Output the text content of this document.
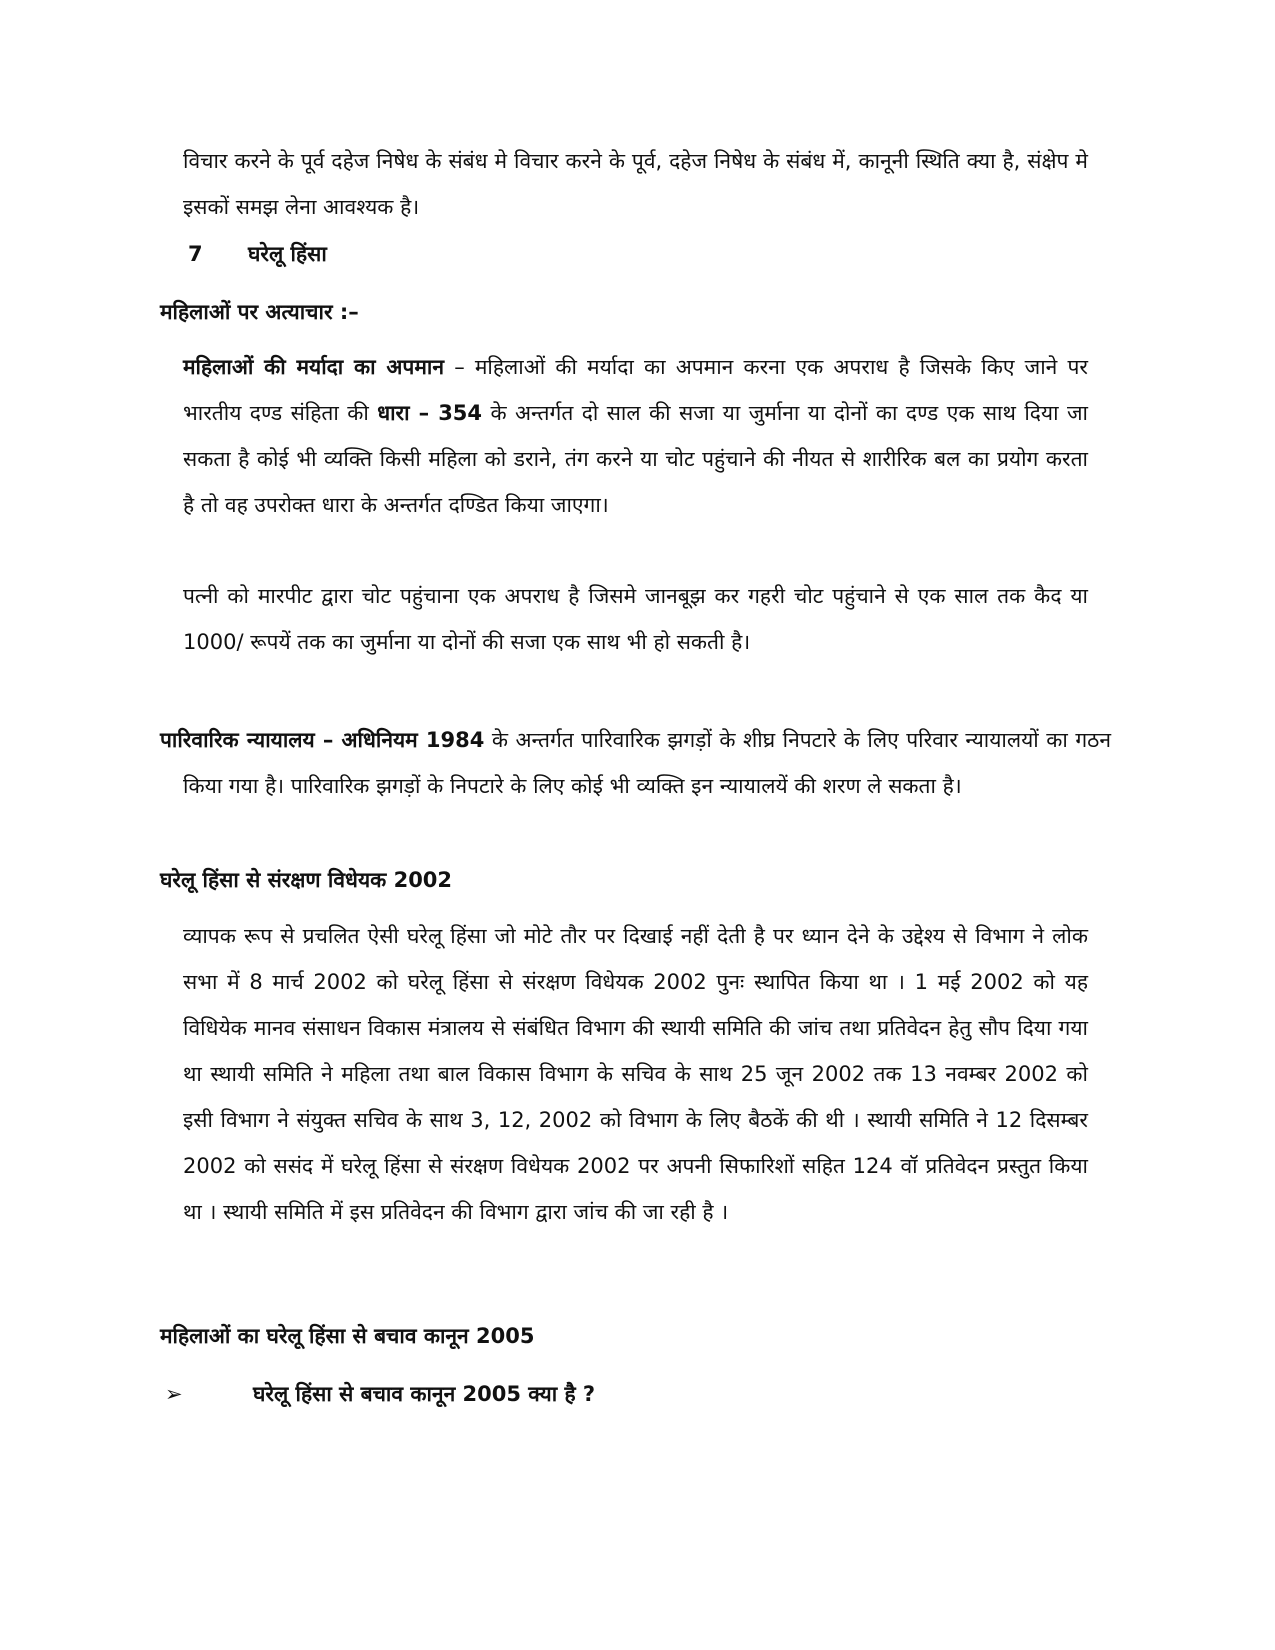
विचार करने के पूर्व दहेज निषेध के संबंध मे विचार करने के पूर्व, दहेज निषेध के संबंध में, कानूनी स्थिति क्या है, संक्षेप मे इसकों समझ लेना आवश्यक है।

7 घरेलू हिंसा

महिलाओं पर अत्याचार :–

महिलाओं की मर्यादा का अपमान – महिलाओं की मर्यादा का अपमान करना एक अपराध है जिसके किए जाने पर भारतीय दण्ड संहिता की धारा – 354 के अन्तर्गत दो साल की सजा या जुर्माना या दोनों का दण्ड एक साथ दिया जा सकता है कोई भी व्यक्ति किसी महिला को डराने, तंग करने या चोट पहुंचाने की नीयत से शारीरिक बल का प्रयोग करता है तो वह उपरोक्त धारा के अन्तर्गत दण्डित किया जाएगा।

पत्नी को मारपीट द्वारा चोट पहुंचाना एक अपराध है जिसमे जानबूझ कर गहरी चोट पहुंचाने से एक साल तक कैद या 1000/ रूपयें तक का जुर्माना या दोनों की सजा एक साथ भी हो सकती है।

पारिवारिक न्यायालय – अधिनियम 1984 के अन्तर्गत पारिवारिक झगड़ों के शीघ्र निपटारे के लिए परिवार न्यायालयों का गठन किया गया है। पारिवारिक झगड़ों के निपटारे के लिए कोई भी व्यक्ति इन न्यायालयें की शरण ले सकता है।

घरेलू हिंसा से संरक्षण विधेयक 2002

व्यापक रूप से प्रचलित ऐसी घरेलू हिंसा जो मोटे तौर पर दिखाई नहीं देती है पर ध्यान देने के उद्देश्य से विभाग ने लोक सभा में 8 मार्च 2002 को घरेलू हिंसा से संरक्षण विधेयक 2002 पुनः स्थापित किया था । 1 मई 2002 को यह विधियेक मानव संसाधन विकास मंत्रालय से संबंधित विभाग की स्थायी समिति की जांच तथा प्रतिवेदन हेतु सौप दिया गया था स्थायी समिति ने महिला तथा बाल विकास विभाग के सचिव के साथ 25 जून 2002 तक 13 नवम्बर 2002 को इसी विभाग ने संयुक्त सचिव के साथ 3, 12, 2002 को विभाग के लिए बैठकें की थी । स्थायी समिति ने 12 दिसम्बर 2002 को ससंद में घरेलू हिंसा से संरक्षण विधेयक 2002 पर अपनी सिफारिशों सहित 124 वॉ प्रतिवेदन प्रस्तुत किया था । स्थायी समिति में इस प्रतिवेदन की विभाग द्वारा जांच की जा रही है ।

महिलाओं का घरेलू हिंसा से बचाव कानून 2005

➢	घरेलू हिंसा से बचाव कानून 2005 क्या है ?
